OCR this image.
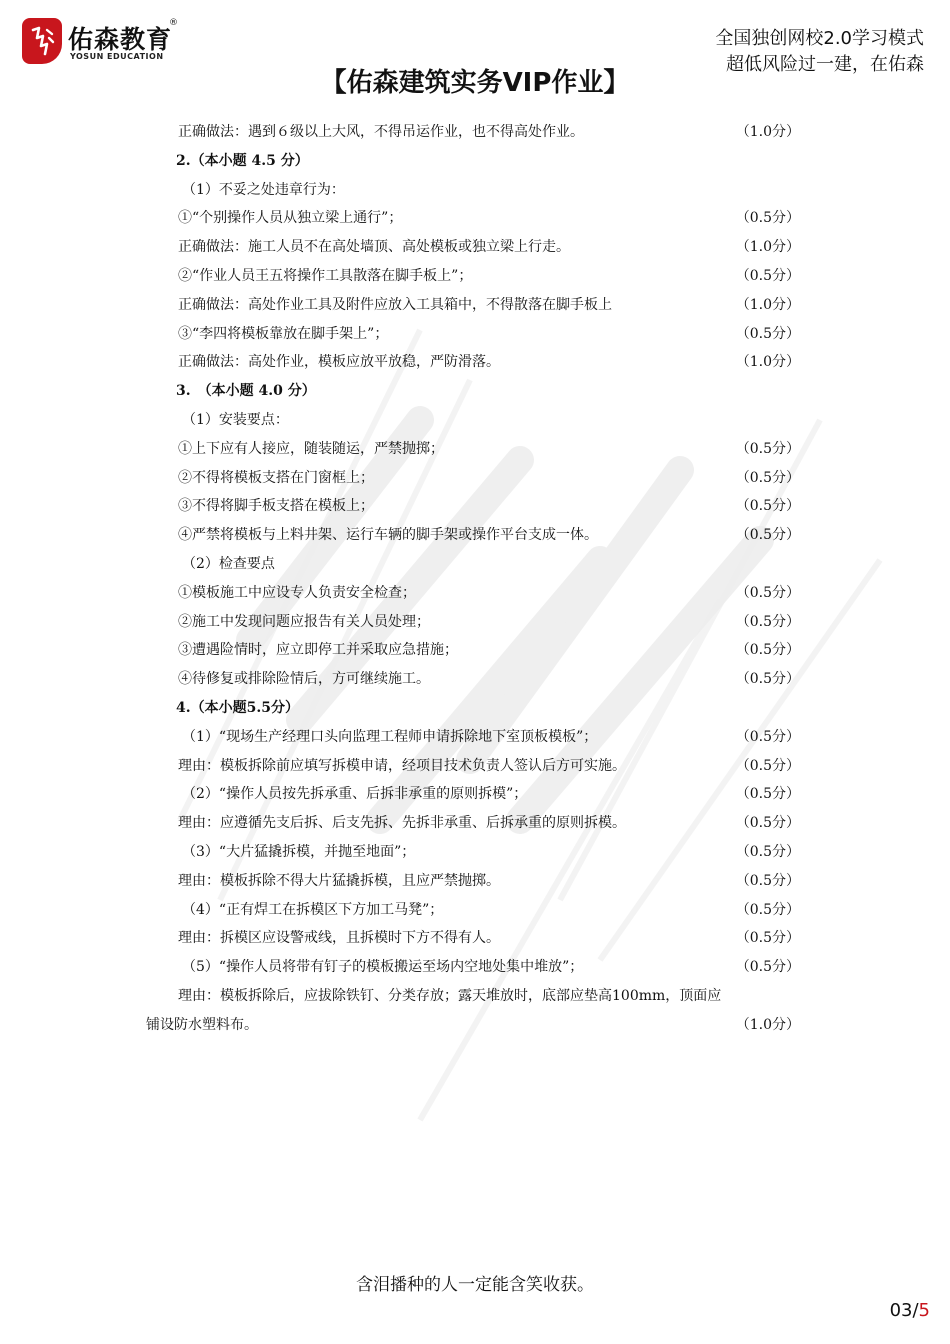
佑森教育
®
YOSUN EDUCATION
全国独创网校2.0学习模式
超低风险过一建，在佑森
【佑森建筑实务VIP作业】
正确做法：遇到６级以上大风，不得吊运作业，也不得高处作业。	（1.0分）
2.（本小题 4.5 分）
（1）不妥之处违章行为：
①“个别操作人员从独立梁上通行”；	（0.5分）
正确做法：施工人员不在高处墙顶、高处模板或独立梁上行走。	（1.0分）
②“作业人员王五将操作工具散落在脚手板上”；	（0.5分）
正确做法：高处作业工具及附件应放入工具箱中，不得散落在脚手板上	（1.0分）
③“李四将模板靠放在脚手架上”；	（0.5分）
正确做法：高处作业，模板应放平放稳，严防滑落。	（1.0分）
3.　（本小题 4.0 分）
（1）安装要点：
①上下应有人接应，随装随运，严禁抛掷；	（0.5分）
②不得将模板支搭在门窗框上；	（0.5分）
③不得将脚手板支搭在模板上；	（0.5分）
④严禁将模板与上料井架、运行车辆的脚手架或操作平台支成一体。	（0.5分）
（2）检查要点
①模板施工中应设专人负责安全检查；	（0.5分）
②施工中发现问题应报告有关人员处理；	（0.5分）
③遭遇险情时，应立即停工并采取应急措施；	（0.5分）
④待修复或排除险情后，方可继续施工。	（0.5分）
4.（本小题5.5分）
（1）“现场生产经理口头向监理工程师申请拆除地下室顶板模板”；	（0.5分）
理由：模板拆除前应填写拆模申请，经项目技术负责人签认后方可实施。	（0.5分）
（2）“操作人员按先拆承重、后拆非承重的原则拆模”；	（0.5分）
理由：应遵循先支后拆、后支先拆、先拆非承重、后拆承重的原则拆模。	（0.5分）
（3）“大片猛撬拆模，并抛至地面”；	（0.5分）
理由：模板拆除不得大片猛撬拆模，且应严禁抛掷。	（0.5分）
（4）“正有焊工在拆模区下方加工马凳”；	（0.5分）
理由：拆模区应设警戒线，且拆模时下方不得有人。	（0.5分）
（5）“操作人员将带有钉子的模板搬运至场内空地处集中堆放”；	（0.5分）
理由：模板拆除后，应拔除铁钉、分类存放；露天堆放时，底部应垫高100mm，顶面应
铺设防水塑料布。	（1.0分）
含泪播种的人一定能含笑收获。
03/5
